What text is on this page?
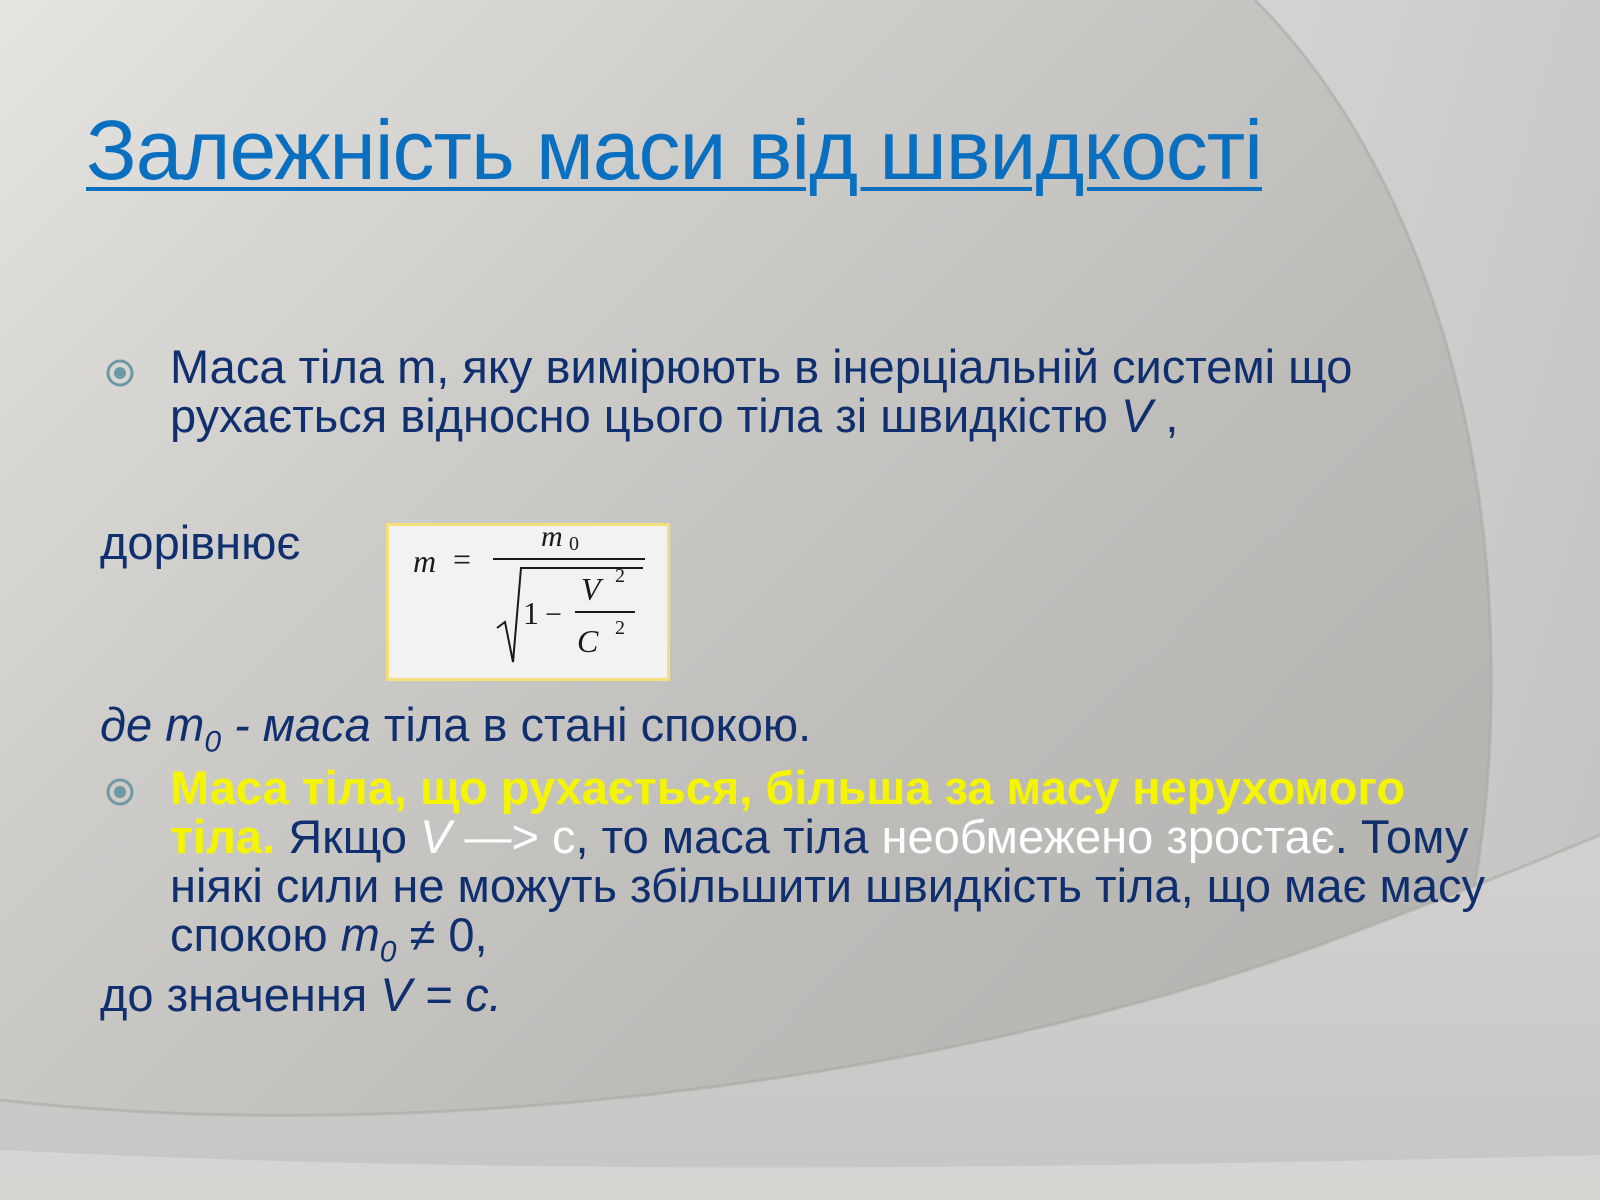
Залежність маси від швидкості

Маса тіла m, яку вимірюють в інерціальній системі що рухається відносно цього тіла зі швидкістю V ,

дорівнює	m =
m 0
1 −
V 2
C 2

де $m_0$ - маса тіла в стані спокою.

Маса тіла, що рухається, більша за масу нерухомого тіла. Якщо V —> с, то маса тіла необмежено зростає. Тому ніякі сили не можуть збільшити швидкість тіла, що має масу спокою $m_0 \ne 0$,

до значення V = c.
